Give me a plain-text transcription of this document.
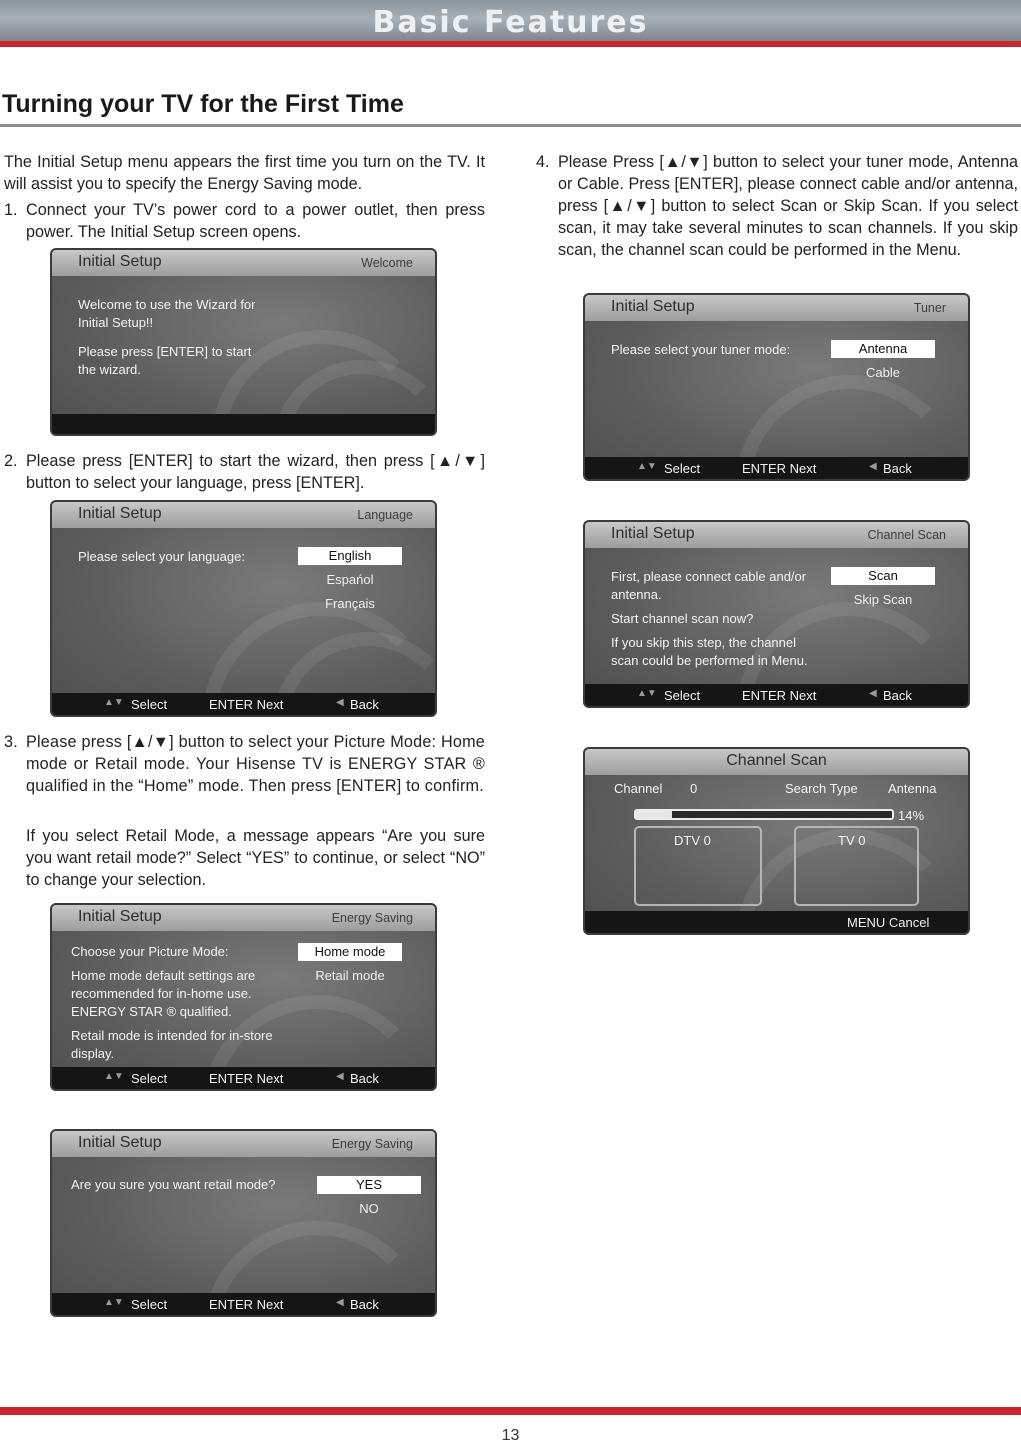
Basic Features
Turning your TV for the First Time
The Initial Setup menu appears the first time you turn on the TV. It will assist you to specify the Energy Saving mode.
1. Connect your TV’s power cord to a power outlet, then press power. The Initial Setup screen opens.
Initial Setup	Welcome
Welcome to use the Wizard for
Initial Setup!!
Please press [ENTER] to start
the wizard.
2. Please press [ENTER] to start the wizard, then press [▲/▼] button to select your language, press [ENTER].
Initial Setup	Language
Please select your language:	English
Espańol
Français
▲▼ Select	ENTER Next	◀ Back
3. Please press [▲/▼] button to select your Picture Mode: Home mode or Retail mode. Your Hisense TV is ENERGY STAR ® qualified in the “Home” mode. Then press [ENTER] to confirm.
If you select Retail Mode, a message appears “Are you sure you want retail mode?” Select “YES” to continue, or select “NO” to change your selection.
Initial Setup	Energy Saving
Choose your Picture Mode:
Home mode default settings are
recommended for in-home use.
ENERGY STAR ® qualified.
Retail mode is intended for in-store
display.
Home mode
Retail mode
▲▼ Select	ENTER Next	◀ Back
Initial Setup	Energy Saving
Are you sure you want retail mode?	YES
NO
▲▼ Select	ENTER Next	◀ Back
4. Please Press [▲/▼] button to select your tuner mode, Antenna or Cable. Press [ENTER], please connect cable and/or antenna, press [▲/▼] button to select Scan or Skip Scan. If you select scan, it may take several minutes to scan channels. If you skip scan, the channel scan could be performed in the Menu.
Initial Setup	Tuner
Please select your tuner mode:	Antenna
Cable
▲▼ Select	ENTER Next	◀ Back
Initial Setup	Channel Scan
First, please connect cable and/or
antenna.
Start channel scan now?
If you skip this step, the channel
scan could be performed in Menu.
Scan
Skip Scan
▲▼ Select	ENTER Next	◀ Back
Channel Scan
Channel 0	Search Type Antenna
14%
DTV 0	TV 0
MENU Cancel
13
